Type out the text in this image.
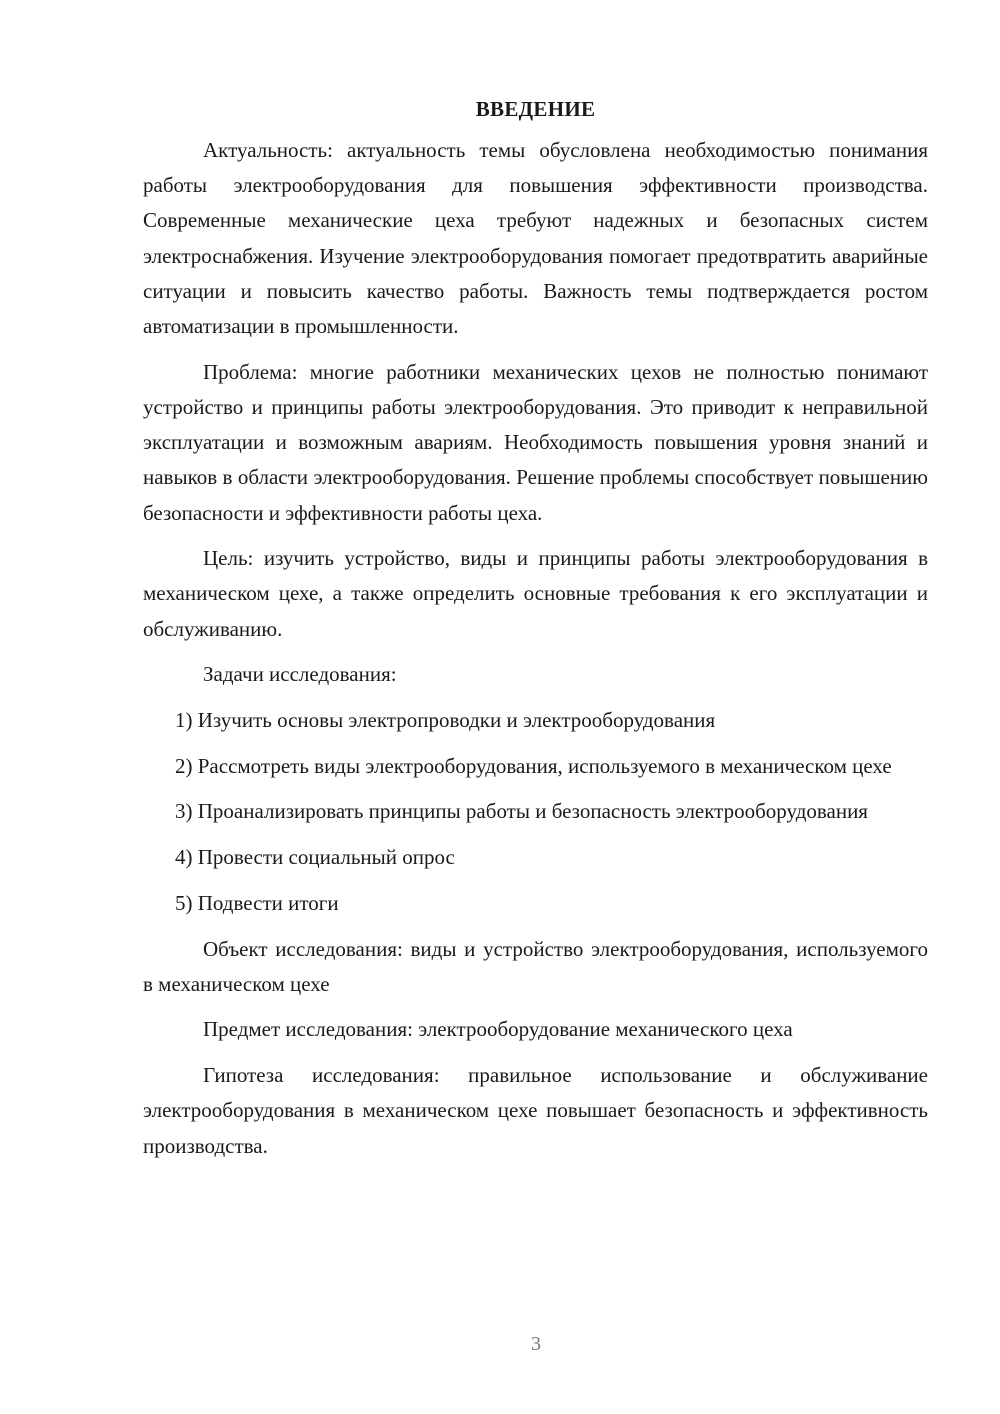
ВВЕДЕНИЕ
Актуальность: актуальность темы обусловлена необходимостью понимания работы электрооборудования для повышения эффективности производства. Современные механические цеха требуют надежных и безопасных систем электроснабжения. Изучение электрооборудования помогает предотвратить аварийные ситуации и повысить качество работы. Важность темы подтверждается ростом автоматизации в промышленности.
Проблема: многие работники механических цехов не полностью понимают устройство и принципы работы электрооборудования. Это приводит к неправильной эксплуатации и возможным авариям. Необходимость повышения уровня знаний и навыков в области электрооборудования. Решение проблемы способствует повышению безопасности и эффективности работы цеха.
Цель: изучить устройство, виды и принципы работы электрооборудования в механическом цехе, а также определить основные требования к его эксплуатации и обслуживанию.
Задачи исследования:
1) Изучить основы электропроводки и электрооборудования
2) Рассмотреть виды электрооборудования, используемого в механическом цехе
3) Проанализировать принципы работы и безопасность электрооборудования
4) Провести социальный опрос
5) Подвести итоги
Объект исследования: виды и устройство электрооборудования, используемого в механическом цехе
Предмет исследования: электрооборудование механического цеха
Гипотеза исследования: правильное использование и обслуживание электрооборудования в механическом цехе повышает безопасность и эффективность производства.
3
